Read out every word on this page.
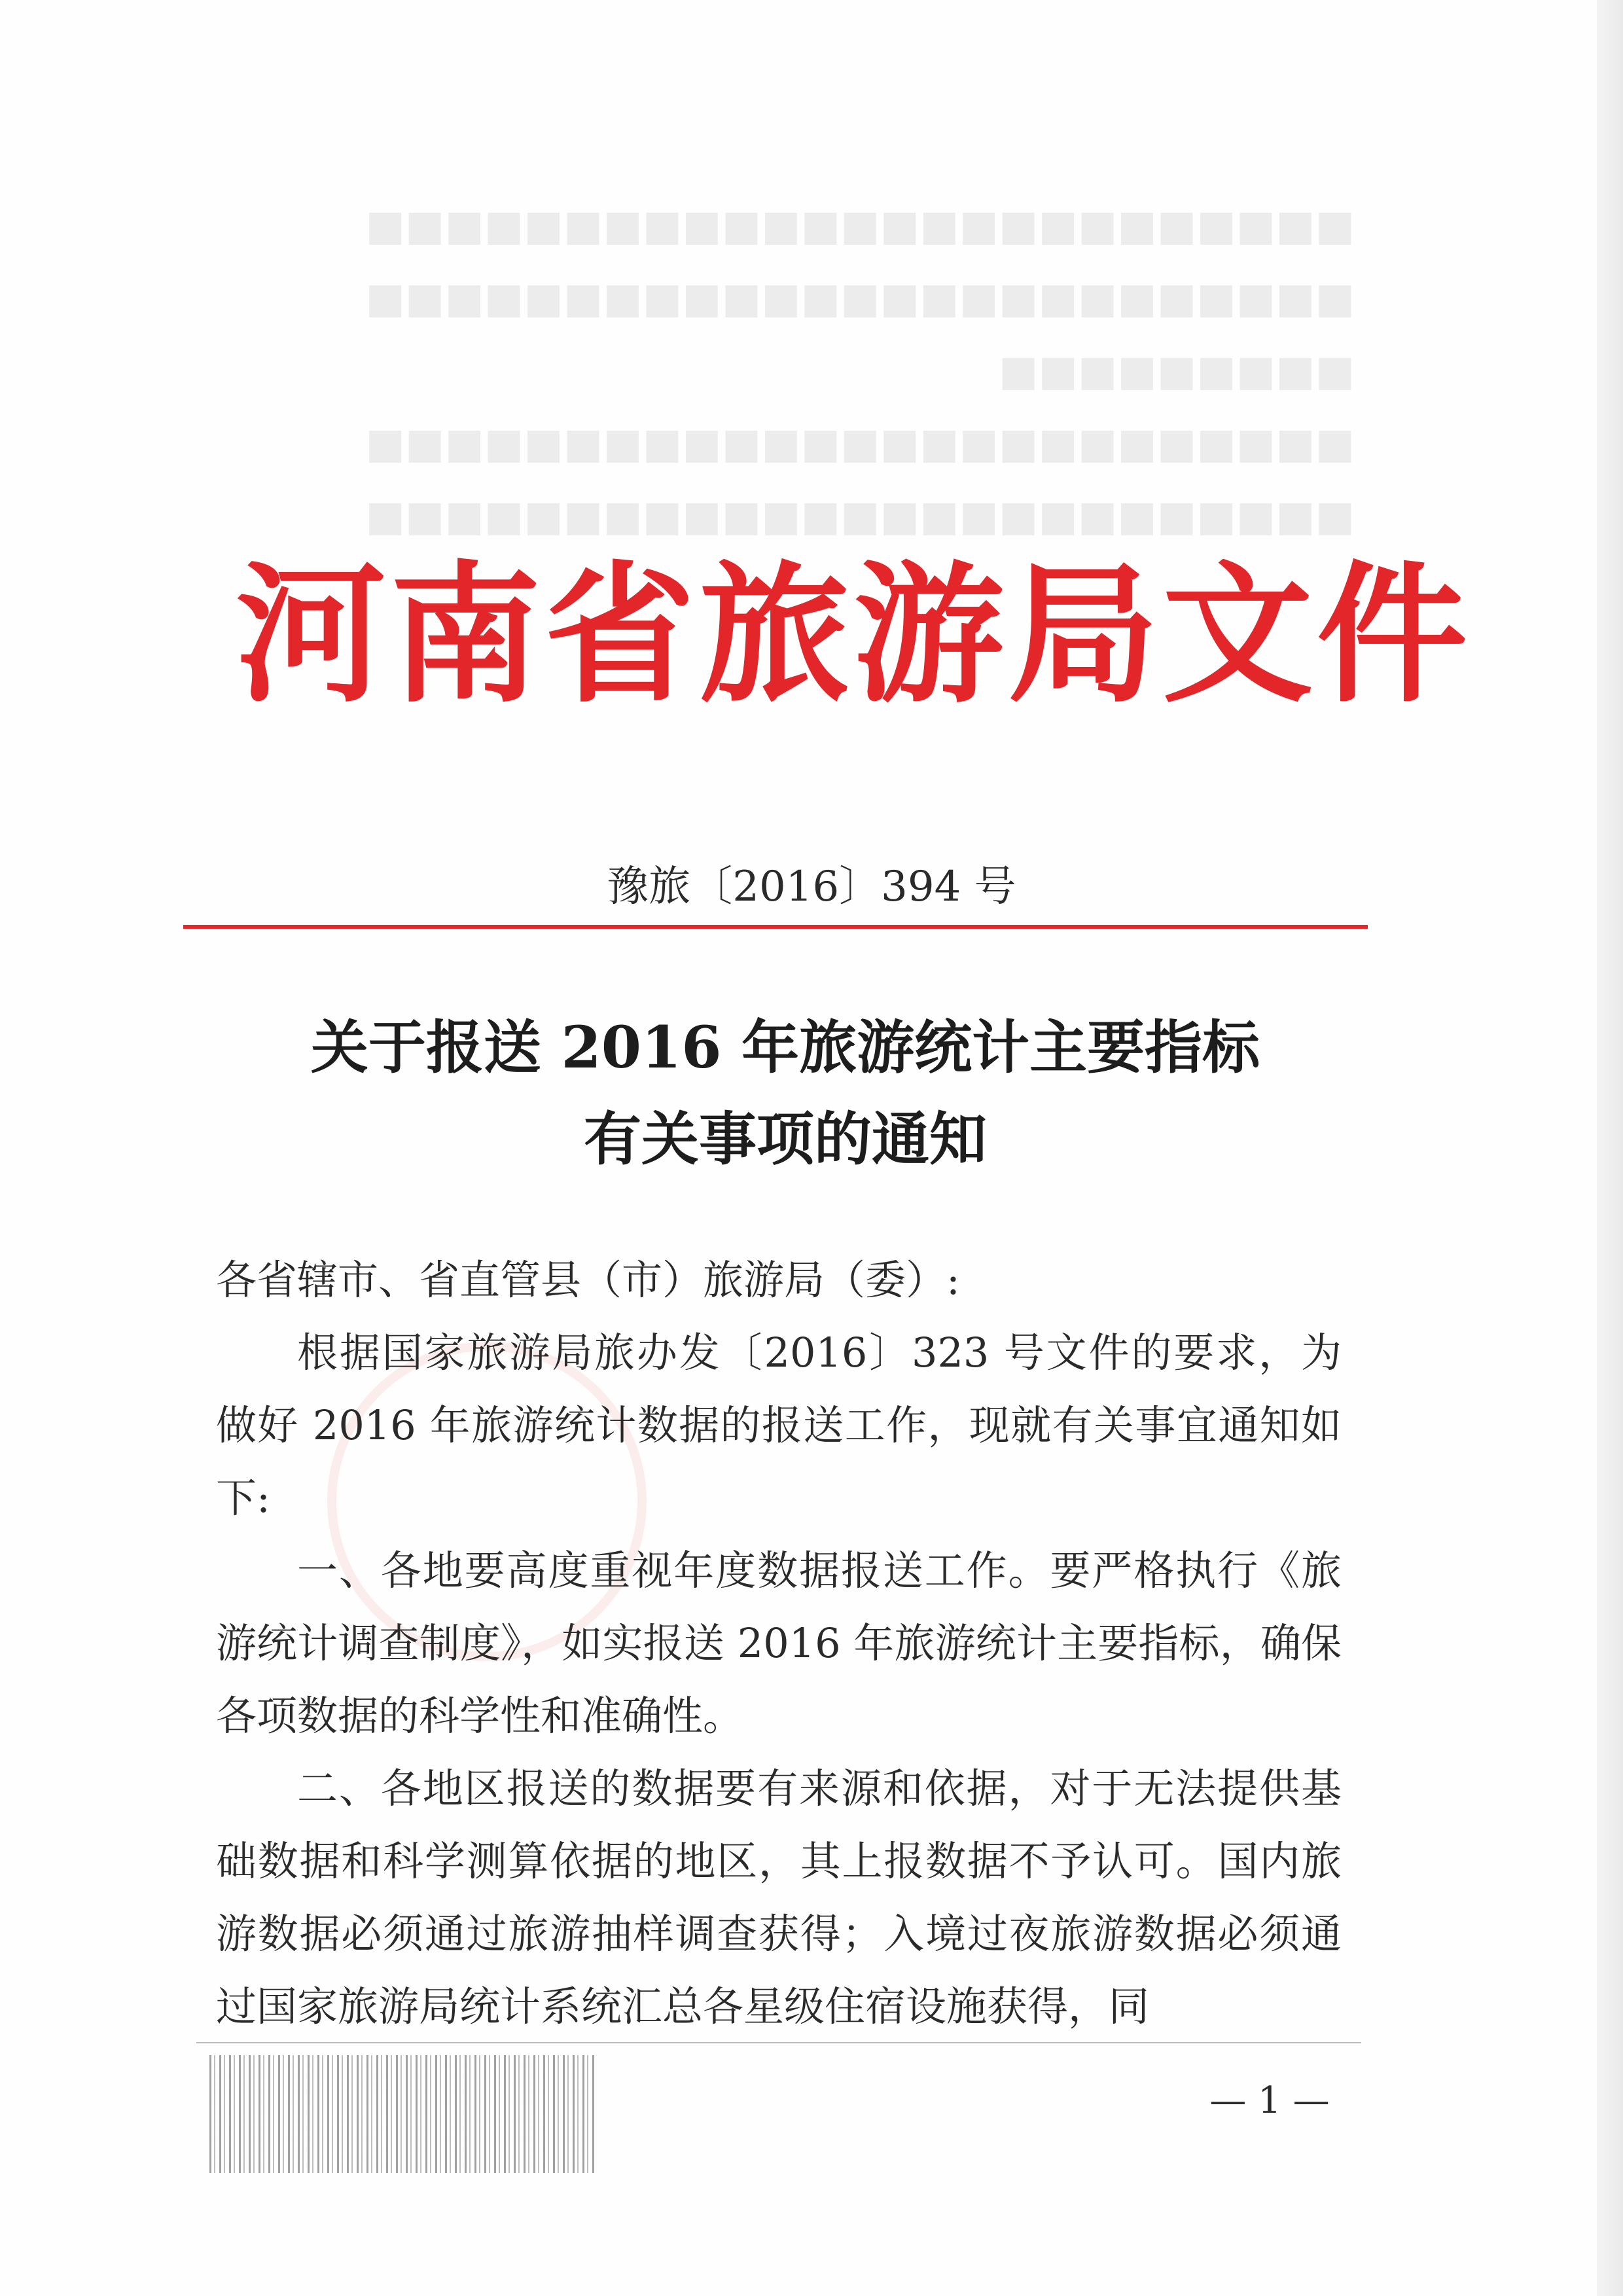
■■■■■■■■■■■■■■■■■■■■■■■■■
■■■■■■■■■■■■■■■■■■■■■■■■■
■■■■■■■■■
■■■■■■■■■■■■■■■■■■■■■■■■■
■■■■■■■■■■■■■■■■■■■■■■■■■
河南省旅游局文件
豫旅〔2016〕394 号
关于报送 2016 年旅游统计主要指标
有关事项的通知

各省辖市、省直管县（市）旅游局（委）:

根据国家旅游局旅办发〔2016〕323 号文件的要求，为做好 2016 年旅游统计数据的报送工作，现就有关事宜通知如下:

一、各地要高度重视年度数据报送工作。要严格执行《旅游统计调查制度》，如实报送 2016 年旅游统计主要指标，确保各项数据的科学性和准确性。

二、各地区报送的数据要有来源和依据，对于无法提供基础数据和科学测算依据的地区，其上报数据不予认可。国内旅游数据必须通过旅游抽样调查获得；入境过夜旅游数据必须通过国家旅游局统计系统汇总各星级住宿设施获得，同

— 1 —
